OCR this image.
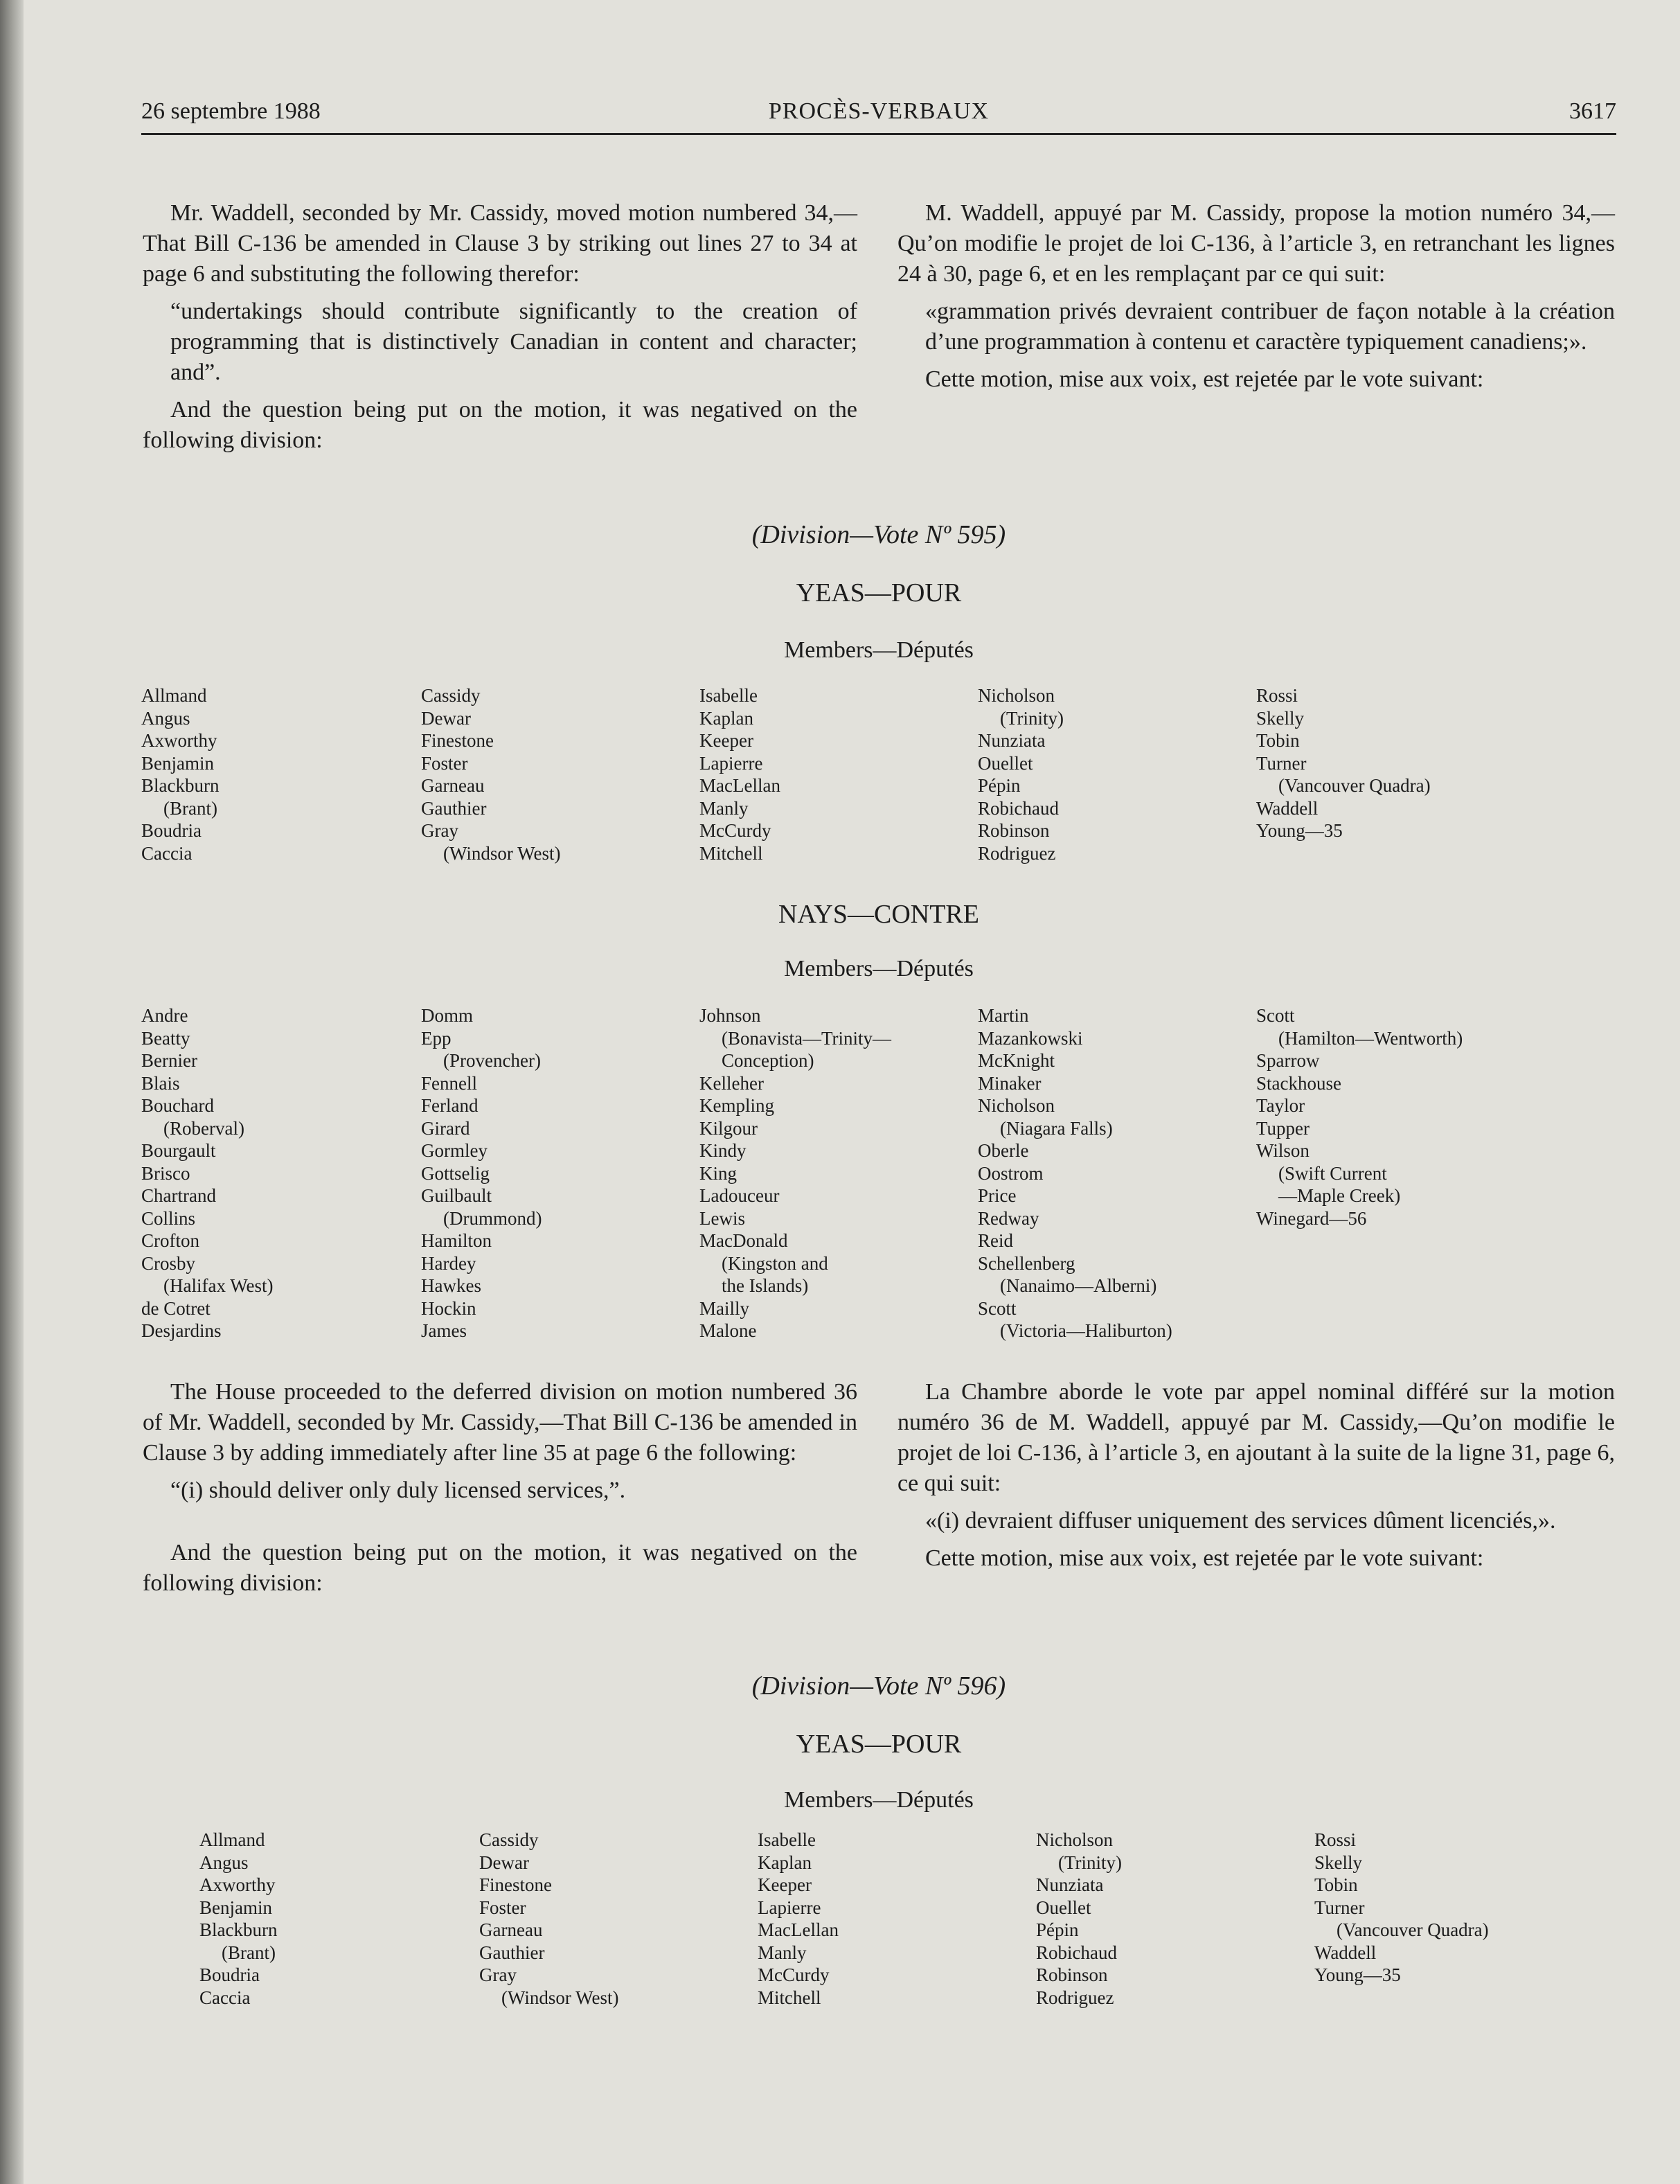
26 septembre 1988	PROCÈS-VERBAUX	3617

Mr. Waddell, seconded by Mr. Cassidy, moved motion numbered 34,—That Bill C-136 be amended in Clause 3 by striking out lines 27 to 34 at page 6 and substituting the following therefor:

“undertakings should contribute significantly to the creation of programming that is distinctively Canadian in content and character; and”.

And the question being put on the motion, it was negatived on the following division:

M. Waddell, appuyé par M. Cassidy, propose la motion numéro 34,—Qu’on modifie le projet de loi C-136, à l’article 3, en retranchant les lignes 24 à 30, page 6, et en les remplaçant par ce qui suit:

«grammation privés devraient contribuer de façon notable à la création d’une programmation à contenu et caractère typiquement canadiens;».

Cette motion, mise aux voix, est rejetée par le vote suivant:

(Division—Vote Nº 595)
YEAS—POUR
Members—Députés
Allmand
Angus
Axworthy
Benjamin
Blackburn
(Brant)
Boudria
Caccia
Cassidy
Dewar
Finestone
Foster
Garneau
Gauthier
Gray
(Windsor West)
Isabelle
Kaplan
Keeper
Lapierre
MacLellan
Manly
McCurdy
Mitchell
Nicholson
(Trinity)
Nunziata
Ouellet
Pépin
Robichaud
Robinson
Rodriguez
Rossi
Skelly
Tobin
Turner
(Vancouver Quadra)
Waddell
Young—35
NAYS—CONTRE
Members—Députés
Andre
Beatty
Bernier
Blais
Bouchard
(Roberval)
Bourgault
Brisco
Chartrand
Collins
Crofton
Crosby
(Halifax West)
de Cotret
Desjardins
Domm
Epp
(Provencher)
Fennell
Ferland
Girard
Gormley
Gottselig
Guilbault
(Drummond)
Hamilton
Hardey
Hawkes
Hockin
James
Johnson
(Bonavista—Trinity—
Conception)
Kelleher
Kempling
Kilgour
Kindy
King
Ladouceur
Lewis
MacDonald
(Kingston and
the Islands)
Mailly
Malone
Martin
Mazankowski
McKnight
Minaker
Nicholson
(Niagara Falls)
Oberle
Oostrom
Price
Redway
Reid
Schellenberg
(Nanaimo—Alberni)
Scott
(Victoria—Haliburton)
Scott
(Hamilton—Wentworth)
Sparrow
Stackhouse
Taylor
Tupper
Wilson
(Swift Current
—Maple Creek)
Winegard—56

The House proceeded to the deferred division on motion numbered 36 of Mr. Waddell, seconded by Mr. Cassidy,—That Bill C-136 be amended in Clause 3 by adding immediately after line 35 at page 6 the following:

“(i) should deliver only duly licensed services,”.

And the question being put on the motion, it was negatived on the following division:

La Chambre aborde le vote par appel nominal différé sur la motion numéro 36 de M. Waddell, appuyé par M. Cassidy,—Qu’on modifie le projet de loi C-136, à l’article 3, en ajoutant à la suite de la ligne 31, page 6, ce qui suit:

«(i) devraient diffuser uniquement des services dûment licenciés,».

Cette motion, mise aux voix, est rejetée par le vote suivant:

(Division—Vote Nº 596)
YEAS—POUR
Members—Députés
Allmand
Angus
Axworthy
Benjamin
Blackburn
(Brant)
Boudria
Caccia
Cassidy
Dewar
Finestone
Foster
Garneau
Gauthier
Gray
(Windsor West)
Isabelle
Kaplan
Keeper
Lapierre
MacLellan
Manly
McCurdy
Mitchell
Nicholson
(Trinity)
Nunziata
Ouellet
Pépin
Robichaud
Robinson
Rodriguez
Rossi
Skelly
Tobin
Turner
(Vancouver Quadra)
Waddell
Young—35
